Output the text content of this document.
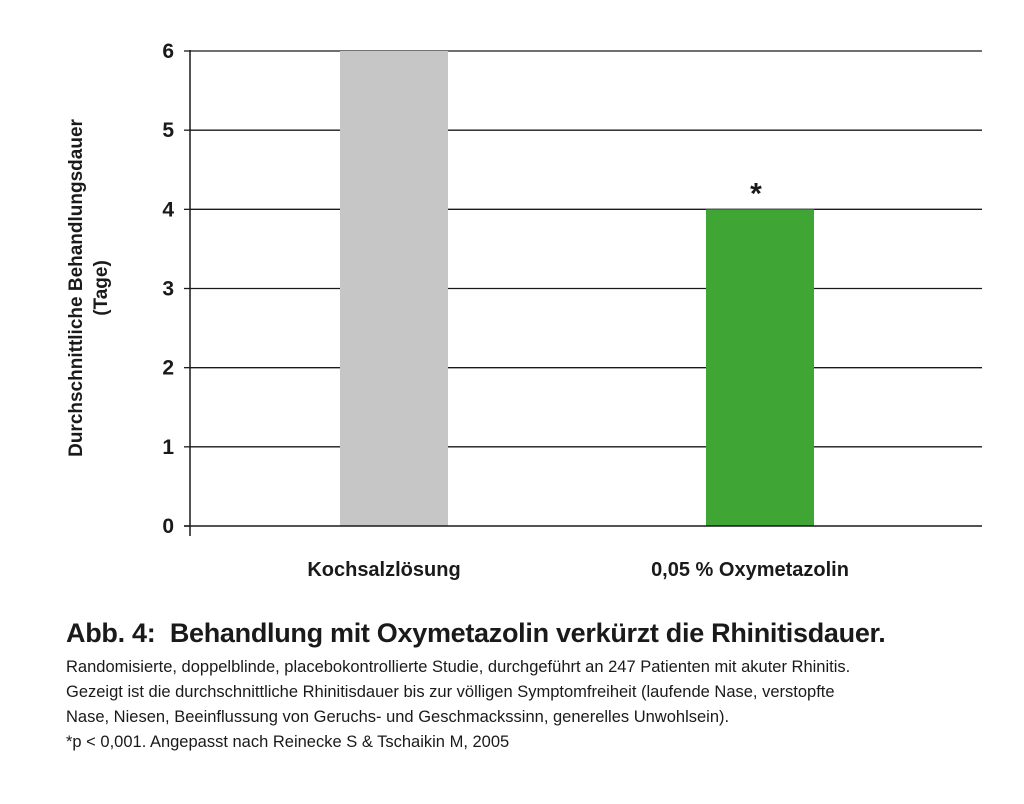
0
1
2
3
4
5
6
Kochsalzlösung	0,05 % Oxymetazolin
*
Durchschnittliche Behandlungsdauer (Tage)

Abb. 4: Behandlung mit Oxymetazolin verkürzt die Rhinitisdauer.

Randomisierte, doppelblinde, placebokontrollierte Studie, durchgeführt an 247 Patienten mit akuter Rhinitis.

Gezeigt ist die durchschnittliche Rhinitisdauer bis zur völligen Symptomfreiheit (laufende Nase, verstopfte

Nase, Niesen, Beeinflussung von Geruchs- und Geschmackssinn, generelles Unwohlsein).

*p < 0,001. Angepasst nach Reinecke S & Tschaikin M, 2005
